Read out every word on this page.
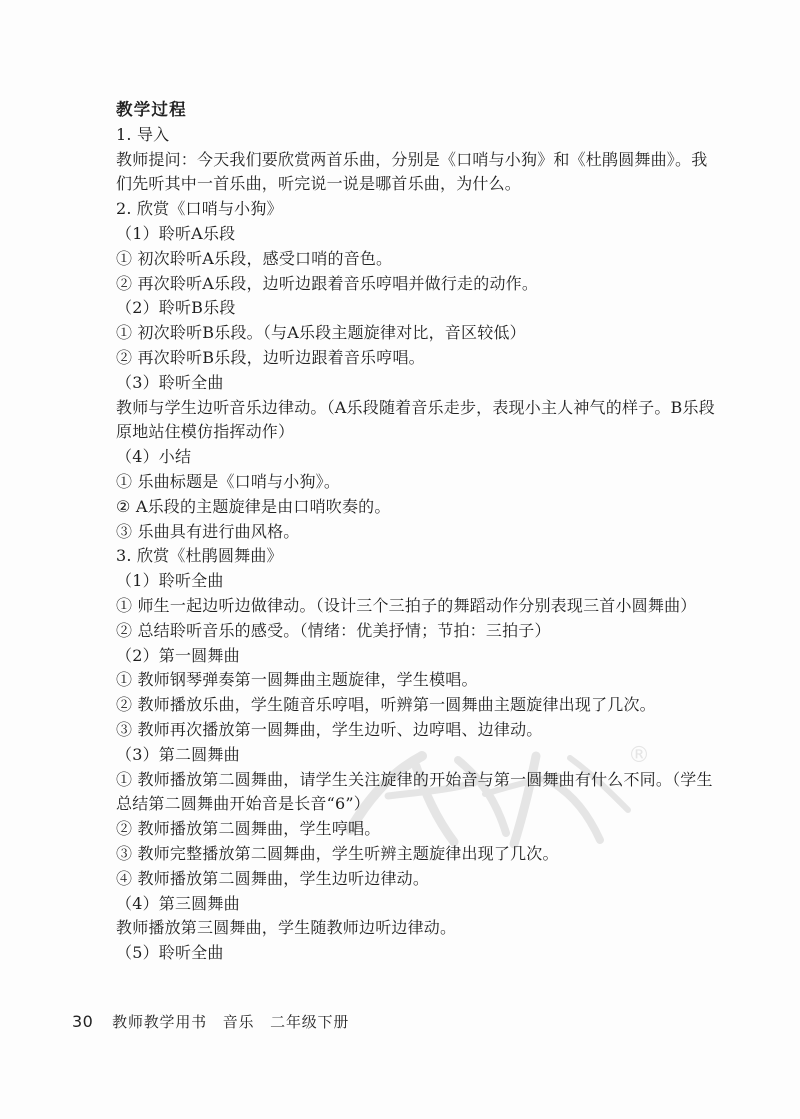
®
教学过程
1. 导入
教师提问：今天我们要欣赏两首乐曲，分别是《口哨与小狗》和《杜鹃圆舞曲》。我
们先听其中一首乐曲，听完说一说是哪首乐曲，为什么。
2. 欣赏《口哨与小狗》
（1）聆听A乐段
① 初次聆听A乐段，感受口哨的音色。
② 再次聆听A乐段，边听边跟着音乐哼唱并做行走的动作。
（2）聆听B乐段
① 初次聆听B乐段。（与A乐段主题旋律对比，音区较低）
② 再次聆听B乐段，边听边跟着音乐哼唱。
（3）聆听全曲
教师与学生边听音乐边律动。（A乐段随着音乐走步，表现小主人神气的样子。B乐段
原地站住模仿指挥动作）
（4）小结
① 乐曲标题是《口哨与小狗》。
② A乐段的主题旋律是由口哨吹奏的。
③ 乐曲具有进行曲风格。
3. 欣赏《杜鹃圆舞曲》
（1）聆听全曲
① 师生一起边听边做律动。（设计三个三拍子的舞蹈动作分别表现三首小圆舞曲）
② 总结聆听音乐的感受。（情绪：优美抒情；节拍：三拍子）
（2）第一圆舞曲
① 教师钢琴弹奏第一圆舞曲主题旋律，学生模唱。
② 教师播放乐曲，学生随音乐哼唱，听辨第一圆舞曲主题旋律出现了几次。
③ 教师再次播放第一圆舞曲，学生边听、边哼唱、边律动。
（3）第二圆舞曲
① 教师播放第二圆舞曲，请学生关注旋律的开始音与第一圆舞曲有什么不同。（学生
总结第二圆舞曲开始音是长音“6”）
② 教师播放第二圆舞曲，学生哼唱。
③ 教师完整播放第二圆舞曲，学生听辨主题旋律出现了几次。
④ 教师播放第二圆舞曲，学生边听边律动。
（4）第三圆舞曲
教师播放第三圆舞曲，学生随教师边听边律动。
（5）聆听全曲
30 教师教学用书　音乐　二年级下册
